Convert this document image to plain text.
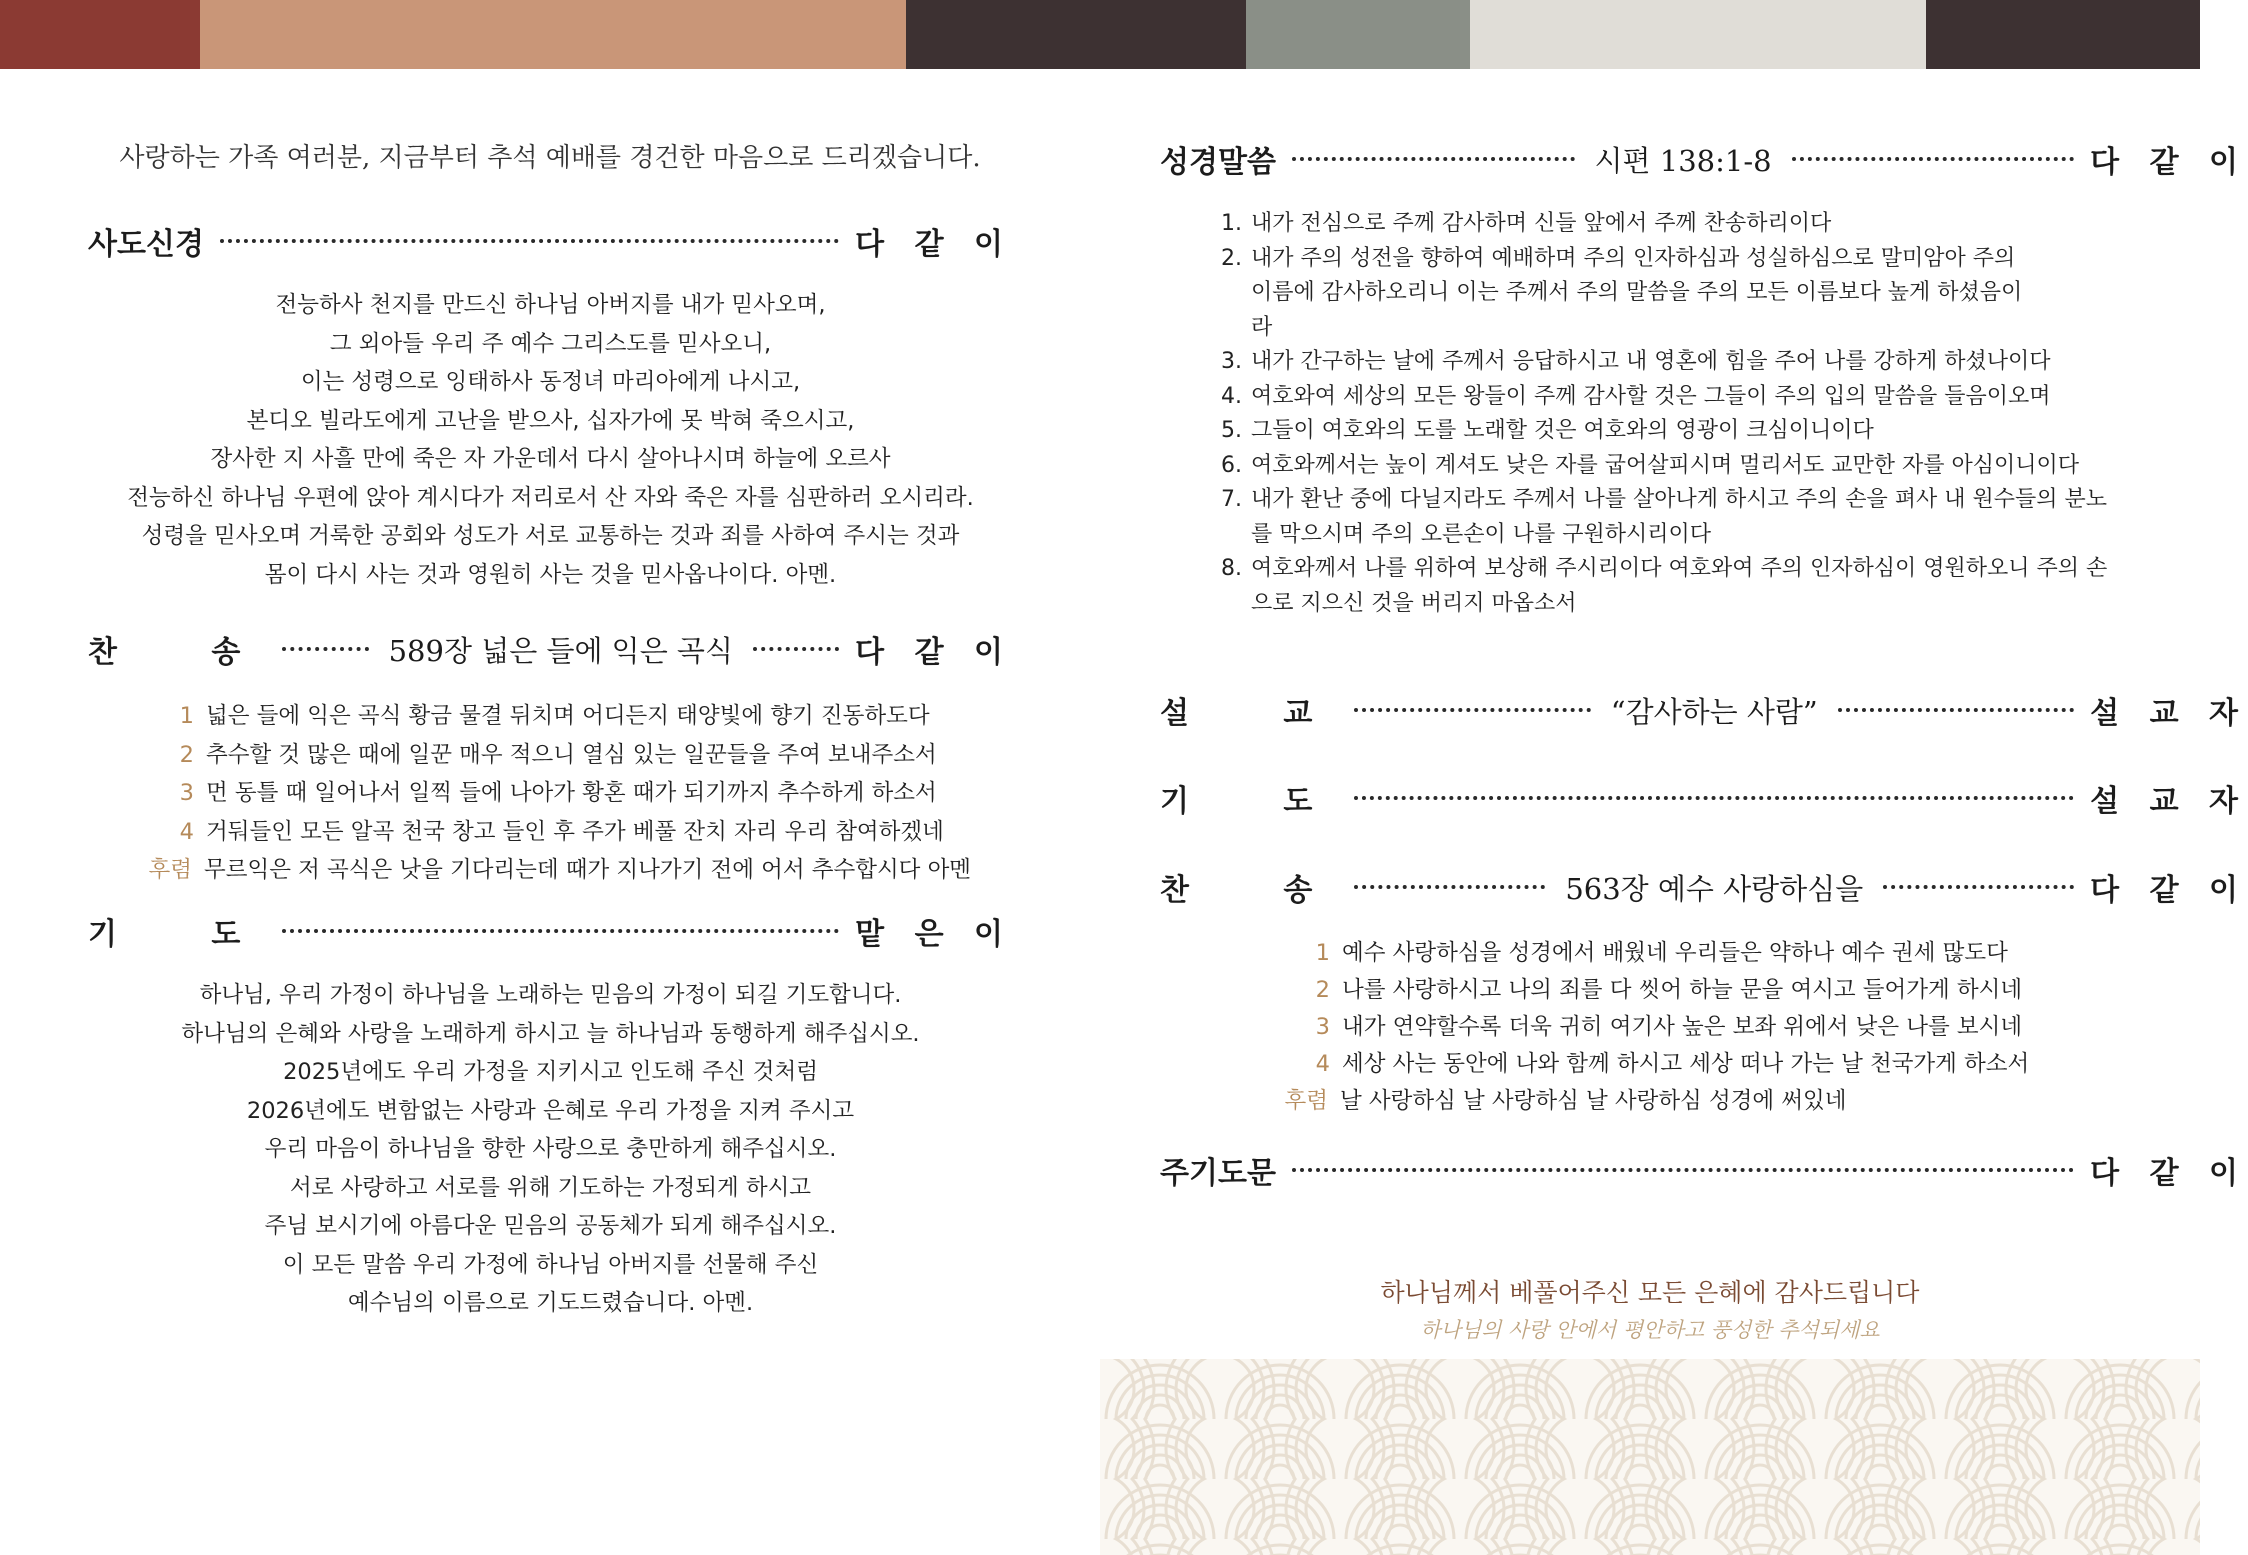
사랑하는 가족 여러분, 지금부터 추석 예배를 경건한 마음으로 드리겠습니다.
사도신경	다 같 이
전능하사 천지를 만드신 하나님 아버지를 내가 믿사오며,
그 외아들 우리 주 예수 그리스도를 믿사오니,
이는 성령으로 잉태하사 동정녀 마리아에게 나시고,
본디오 빌라도에게 고난을 받으사, 십자가에 못 박혀 죽으시고,
장사한 지 사흘 만에 죽은 자 가운데서 다시 살아나시며 하늘에 오르사
전능하신 하나님 우편에 앉아 계시다가 저리로서 산 자와 죽은 자를 심판하러 오시리라.
성령을 믿사오며 거룩한 공회와 성도가 서로 교통하는 것과 죄를 사하여 주시는 것과
몸이 다시 사는 것과 영원히 사는 것을 믿사옵나이다. 아멘.
찬 송	589장 넓은 들에 익은 곡식	다 같 이
1 넓은 들에 익은 곡식 황금 물결 뒤치며 어디든지 태양빛에 향기 진동하도다
2 추수할 것 많은 때에 일꾼 매우 적으니 열심 있는 일꾼들을 주여 보내주소서
3 먼 동틀 때 일어나서 일찍 들에 나아가 황혼 때가 되기까지 추수하게 하소서
4 거둬들인 모든 알곡 천국 창고 들인 후 주가 베풀 잔치 자리 우리 참여하겠네
후렴 무르익은 저 곡식은 낫을 기다리는데 때가 지나가기 전에 어서 추수합시다 아멘
기 도	맡 은 이
하나님, 우리 가정이 하나님을 노래하는 믿음의 가정이 되길 기도합니다.
하나님의 은혜와 사랑을 노래하게 하시고 늘 하나님과 동행하게 해주십시오.
2025년에도 우리 가정을 지키시고 인도해 주신 것처럼
2026년에도 변함없는 사랑과 은혜로 우리 가정을 지켜 주시고
우리 마음이 하나님을 향한 사랑으로 충만하게 해주십시오.
서로 사랑하고 서로를 위해 기도하는 가정되게 하시고
주님 보시기에 아름다운 믿음의 공동체가 되게 해주십시오.
이 모든 말씀 우리 가정에 하나님 아버지를 선물해 주신
예수님의 이름으로 기도드렸습니다. 아멘.
성경말씀	시편 138:1-8	다 같 이
1. 내가 전심으로 주께 감사하며 신들 앞에서 주께 찬송하리이다
2. 내가 주의 성전을 향하여 예배하며 주의 인자하심과 성실하심으로 말미암아 주의 이름에 감사하오리니 이는 주께서 주의 말씀을 주의 모든 이름보다 높게 하셨음이라
3. 내가 간구하는 날에 주께서 응답하시고 내 영혼에 힘을 주어 나를 강하게 하셨나이다
4. 여호와여 세상의 모든 왕들이 주께 감사할 것은 그들이 주의 입의 말씀을 들음이오며
5. 그들이 여호와의 도를 노래할 것은 여호와의 영광이 크심이니이다
6. 여호와께서는 높이 계셔도 낮은 자를 굽어살피시며 멀리서도 교만한 자를 아심이니이다
7. 내가 환난 중에 다닐지라도 주께서 나를 살아나게 하시고 주의 손을 펴사 내 원수들의 분노를 막으시며 주의 오른손이 나를 구원하시리이다
8. 여호와께서 나를 위하여 보상해 주시리이다 여호와여 주의 인자하심이 영원하오니 주의 손으로 지으신 것을 버리지 마옵소서
설 교	“감사하는 사람”	설 교 자
기 도	설 교 자
찬 송	563장 예수 사랑하심을	다 같 이
1 예수 사랑하심을 성경에서 배웠네 우리들은 약하나 예수 권세 많도다
2 나를 사랑하시고 나의 죄를 다 씻어 하늘 문을 여시고 들어가게 하시네
3 내가 연약할수록 더욱 귀히 여기사 높은 보좌 위에서 낮은 나를 보시네
4 세상 사는 동안에 나와 함께 하시고 세상 떠나 가는 날 천국가게 하소서
후렴 날 사랑하심 날 사랑하심 날 사랑하심 성경에 써있네
주기도문	다 같 이
하나님께서 베풀어주신 모든 은혜에 감사드립니다
하나님의 사랑 안에서 평안하고 풍성한 추석되세요
